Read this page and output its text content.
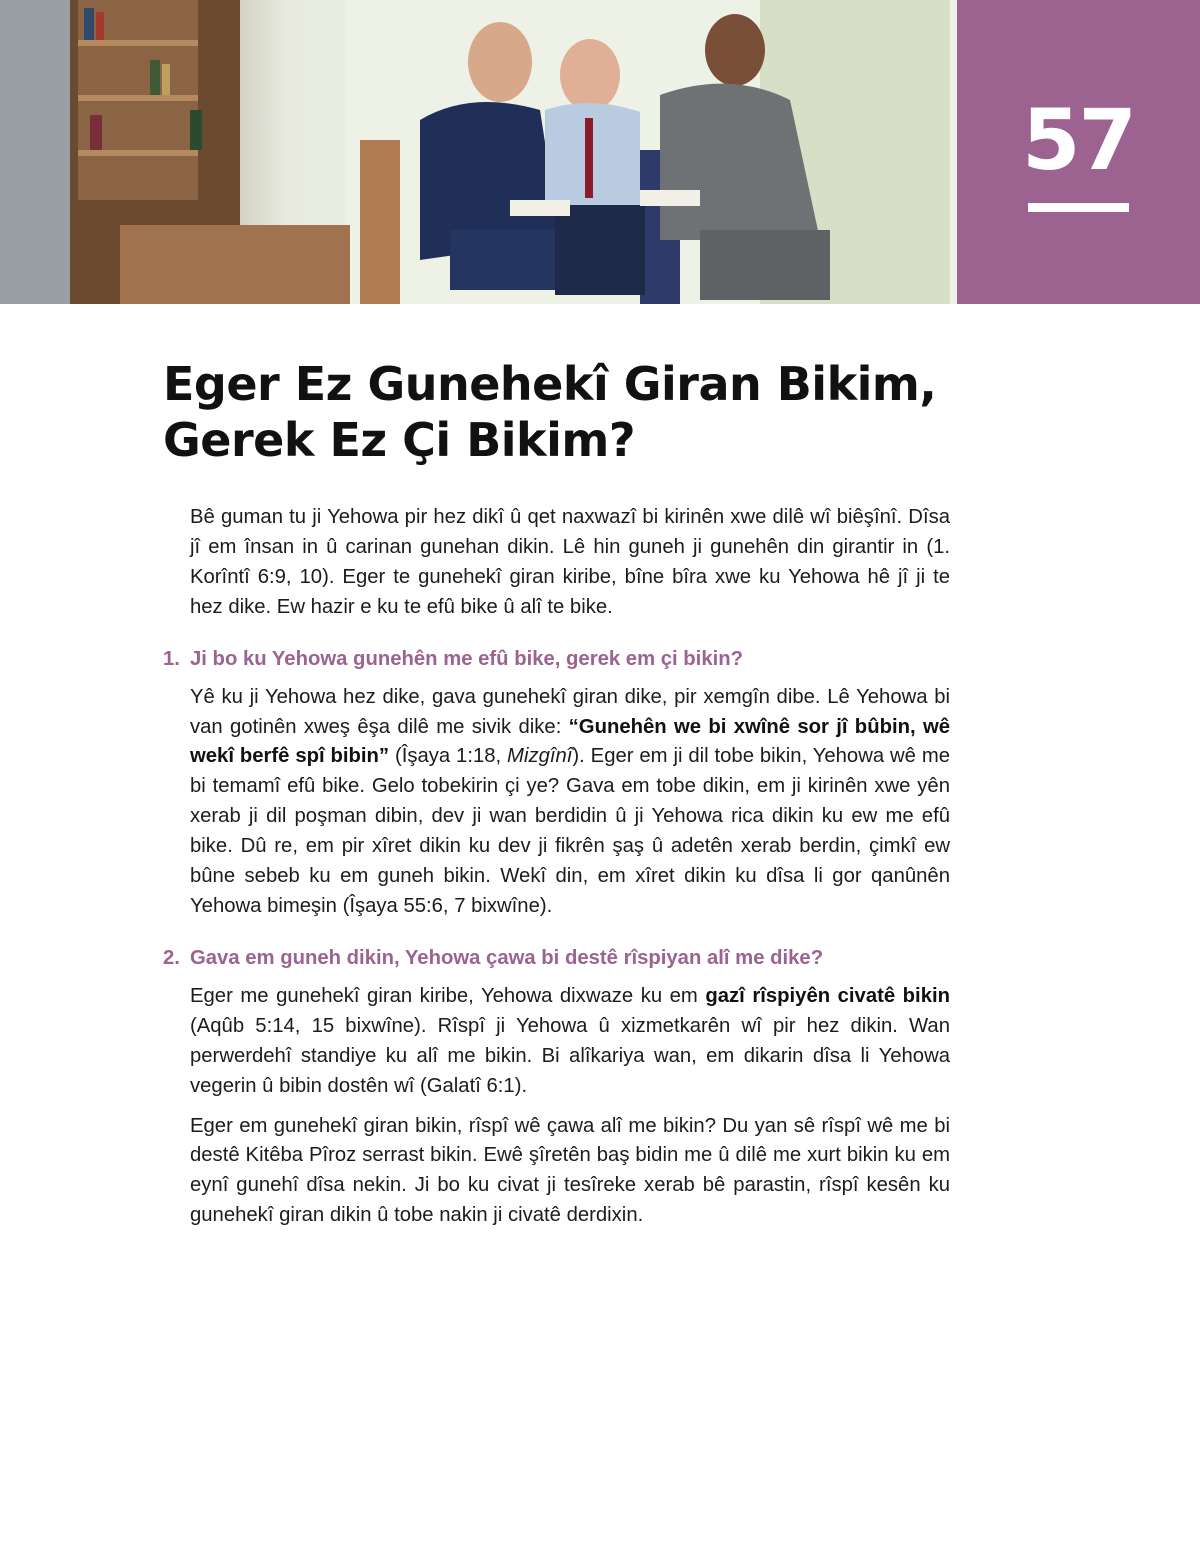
57
Eger Ez Gunehekî Giran Bikim,
Gerek Ez Çi Bikim?

Bê guman tu ji Yehowa pir hez dikî û qet naxwazî bi kirinên xwe dilê wî biêşînî. Dîsa jî em însan in û carinan gunehan dikin. Lê hin guneh ji gunehên din girantir in (1. Korîntî 6:9, 10). Eger te gunehekî giran kiribe, bîne bîra xwe ku Yehowa hê jî ji te hez dike. Ew hazir e ku te efû bike û alî te bike.

1. Ji bo ku Yehowa gunehên me efû bike, gerek em çi bikin?

Yê ku ji Yehowa hez dike, gava gunehekî giran dike, pir xemgîn dibe. Lê Yehowa bi van gotinên xweş êşa dilê me sivik dike: “Gunehên we bi xwînê sor jî bûbin, wê wekî berfê spî bibin” (Îşaya 1:18, Mizgînî). Eger em ji dil tobe bikin, Yehowa wê me bi temamî efû bike. Gelo tobekirin çi ye? Gava em tobe dikin, em ji kirinên xwe yên xerab ji dil poşman dibin, dev ji wan berdidin û ji Yehowa rica dikin ku ew me efû bike. Dû re, em pir xîret dikin ku dev ji fikrên şaş û adetên xerab berdin, çimkî ew bûne sebeb ku em guneh bikin. Wekî din, em xîret dikin ku dîsa li gor qanûnên Yehowa bimeşin (Îşaya 55:6, 7 bixwîne).

2. Gava em guneh dikin, Yehowa çawa bi destê rîspiyan alî me dike?

Eger me gunehekî giran kiribe, Yehowa dixwaze ku em gazî rîspiyên civatê bikin (Aqûb 5:14, 15 bixwîne). Rîspî ji Yehowa û xizmetkarên wî pir hez dikin. Wan perwerdehî standiye ku alî me bikin. Bi alîkariya wan, em dikarin dîsa li Yehowa vegerin û bibin dostên wî (Galatî 6:1).

Eger em gunehekî giran bikin, rîspî wê çawa alî me bikin? Du yan sê rîspî wê me bi destê Kitêba Pîroz serrast bikin. Ewê şîretên baş bidin me û dilê me xurt bikin ku em eynî gunehî dîsa nekin. Ji bo ku civat ji tesîreke xerab bê parastin, rîspî kesên ku gunehekî giran dikin û tobe nakin ji civatê derdixin.
